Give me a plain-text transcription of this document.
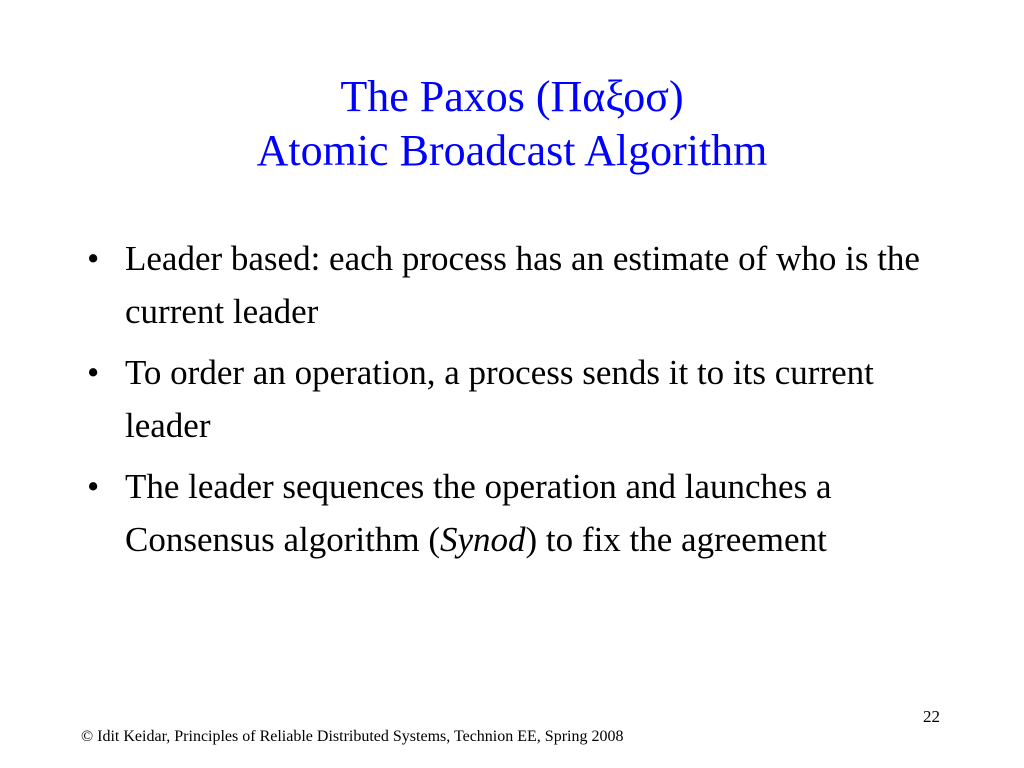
The Paxos (Παξοσ)
Atomic Broadcast Algorithm
• Leader based: each process has an estimate of who is the current leader
• To order an operation, a process sends it to its current leader
• The leader sequences the operation and launches a Consensus algorithm (Synod) to fix the agreement
22
© Idit Keidar, Principles of Reliable Distributed Systems, Technion EE, Spring 2008
